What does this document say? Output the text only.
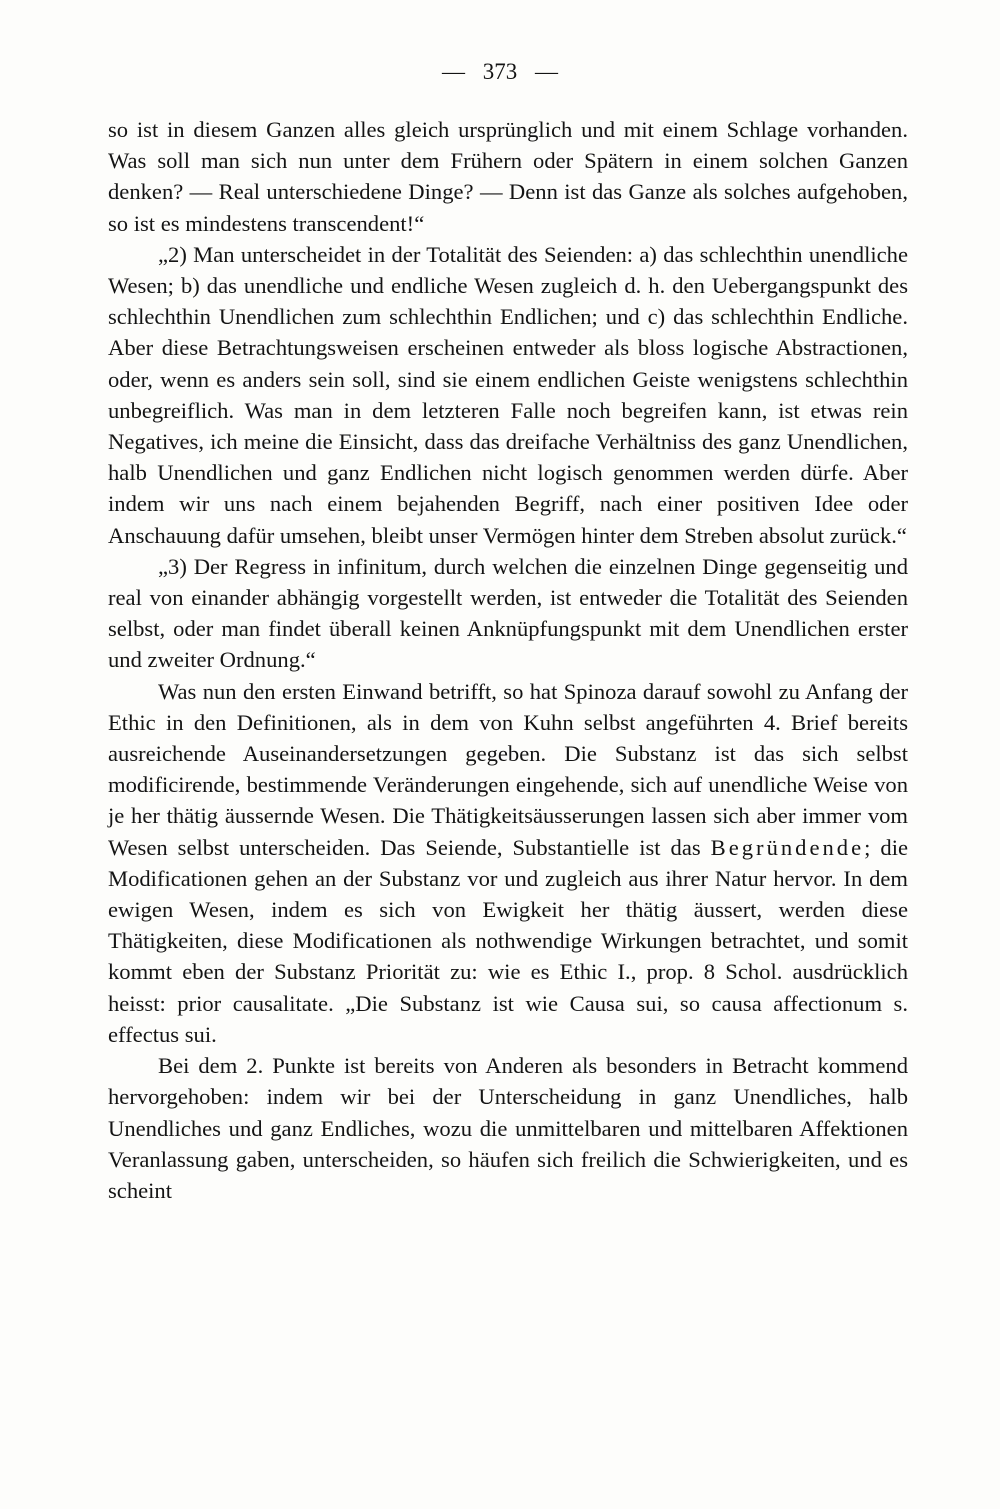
— 373 —

so ist in diesem Ganzen alles gleich ursprünglich und mit einem Schlage vorhanden. Was soll man sich nun unter dem Frühern oder Spätern in einem solchen Ganzen denken? — Real unterschiedene Dinge? — Denn ist das Ganze als solches aufgehoben, so ist es mindestens transcendent!“

„2) Man unterscheidet in der Totalität des Seienden: a) das schlechthin unendliche Wesen; b) das unendliche und endliche Wesen zugleich d. h. den Uebergangspunkt des schlechthin Unendlichen zum schlechthin Endlichen; und c) das schlechthin Endliche. Aber diese Betrachtungsweisen erscheinen entweder als bloss logische Abstractionen, oder, wenn es anders sein soll, sind sie einem endlichen Geiste wenigstens schlechthin unbegreiflich. Was man in dem letzteren Falle noch begreifen kann, ist etwas rein Negatives, ich meine die Einsicht, dass das dreifache Verhältniss des ganz Unendlichen, halb Unendlichen und ganz Endlichen nicht logisch genommen werden dürfe. Aber indem wir uns nach einem bejahenden Begriff, nach einer positiven Idee oder Anschauung dafür umsehen, bleibt unser Vermögen hinter dem Streben absolut zurück.“

„3) Der Regress in infinitum, durch welchen die einzelnen Dinge gegenseitig und real von einander abhängig vorgestellt werden, ist entweder die Totalität des Seienden selbst, oder man findet überall keinen Anknüpfungspunkt mit dem Unendlichen erster und zweiter Ordnung.“

Was nun den ersten Einwand betrifft, so hat Spinoza darauf sowohl zu Anfang der Ethic in den Definitionen, als in dem von Kuhn selbst angeführten 4. Brief bereits ausreichende Auseinandersetzungen gegeben. Die Substanz ist das sich selbst modificirende, bestimmende Veränderungen eingehende, sich auf unendliche Weise von je her thätig äussernde Wesen. Die Thätigkeitsäusserungen lassen sich aber immer vom Wesen selbst unterscheiden. Das Seiende, Substantielle ist das Begründende; die Modificationen gehen an der Substanz vor und zugleich aus ihrer Natur hervor. In dem ewigen Wesen, indem es sich von Ewigkeit her thätig äussert, werden diese Thätigkeiten, diese Modificationen als nothwendige Wirkungen betrachtet, und somit kommt eben der Substanz Priorität zu: wie es Ethic I., prop. 8 Schol. ausdrücklich heisst: prior causalitate. „Die Substanz ist wie Causa sui, so causa affectionum s. effectus sui.

Bei dem 2. Punkte ist bereits von Anderen als besonders in Betracht kommend hervorgehoben: indem wir bei der Unterscheidung in ganz Unendliches, halb Unendliches und ganz Endliches, wozu die unmittelbaren und mittelbaren Affektionen Veranlassung gaben, unterscheiden, so häufen sich freilich die Schwierigkeiten, und es scheint
